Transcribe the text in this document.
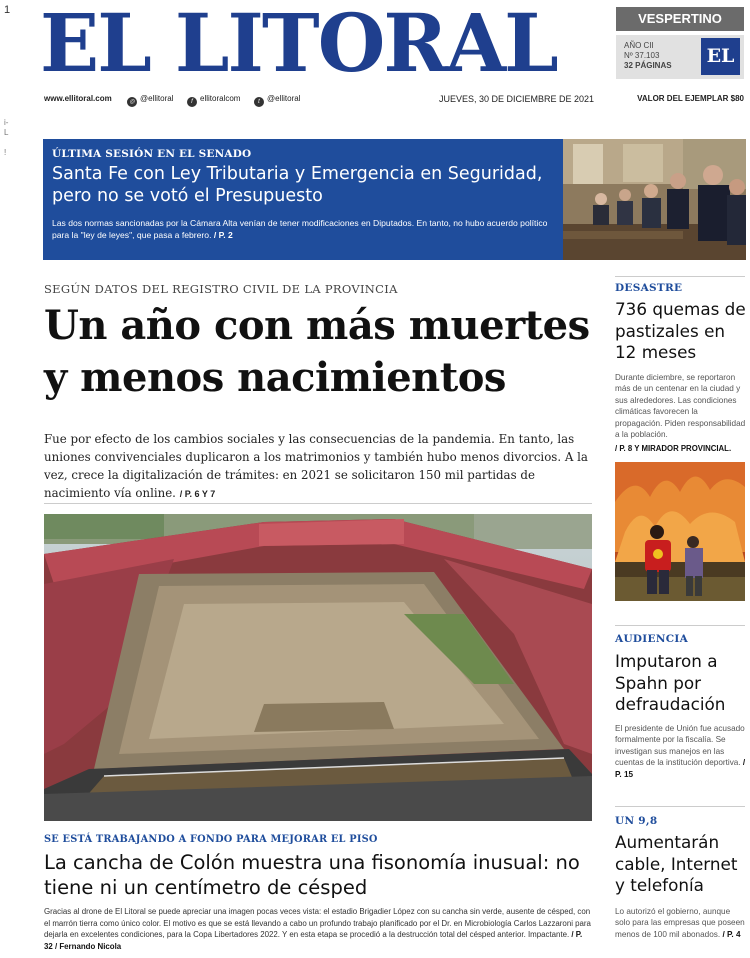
1
i-
L

!
EL LITORAL	VESPERTINO
AÑO CII
Nº 37.103
32 PÁGINAS EL
www.ellitoral.com	◎ @ellitoral	f ellitoralcom	t @ellitoral	JUEVES, 30 DE DICIEMBRE DE 2021	VALOR DEL EJEMPLAR $80
ÚLTIMA SESIÓN EN EL SENADO
Santa Fe con Ley Tributaria y Emergencia en Seguridad, pero no se votó el Presupuesto
Las dos normas sancionadas por la Cámara Alta venían de tener modificaciones en Diputados. En tanto, no hubo acuerdo político para la "ley de leyes", que pasa a febrero. / P. 2
SEGÚN DATOS DEL REGISTRO CIVIL DE LA PROVINCIA
Un año con más muertes y menos nacimientos
Fue por efecto de los cambios sociales y las consecuencias de la pandemia. En tanto, las uniones convivenciales duplicaron a los matrimonios y también hubo menos divorcios. A la vez, crece la digitalización de trámites: en 2021 se solicitaron 150 mil partidas de nacimiento vía online. / P. 6 Y 7
SE ESTÁ TRABAJANDO A FONDO PARA MEJORAR EL PISO
La cancha de Colón muestra una fisonomía inusual: no tiene ni un centímetro de césped
Gracias al drone de El Litoral se puede apreciar una imagen pocas veces vista: el estadio Brigadier López con su cancha sin verde, ausente de césped, con el marrón tierra como único color. El motivo es que se está llevando a cabo un profundo trabajo planificado por el Dr. en Microbiología Carlos Lazzaroni para dejarla en excelentes condiciones, para la Copa Libertadores 2022. Y en esta etapa se procedió a la destrucción total del césped anterior. Impactante. / P. 32 / Fernando Nicola
DESASTRE
736 quemas de pastizales en 12 meses
Durante diciembre, se reportaron más de un centenar en la ciudad y sus alrededores. Las condiciones climáticas favorecen la propagación. Piden responsabilidad a la población.
/ P. 8 Y MIRADOR PROVINCIAL.
AUDIENCIA
Imputaron a Spahn por defraudación
El presidente de Unión fue acusado formalmente por la fiscalía. Se investigan sus manejos en las cuentas de la institución deportiva. / P. 15
UN 9,8
Aumentarán cable, Internet y telefonía
Lo autorizó el gobierno, aunque solo para las empresas que poseen menos de 100 mil abonados. / P. 4
